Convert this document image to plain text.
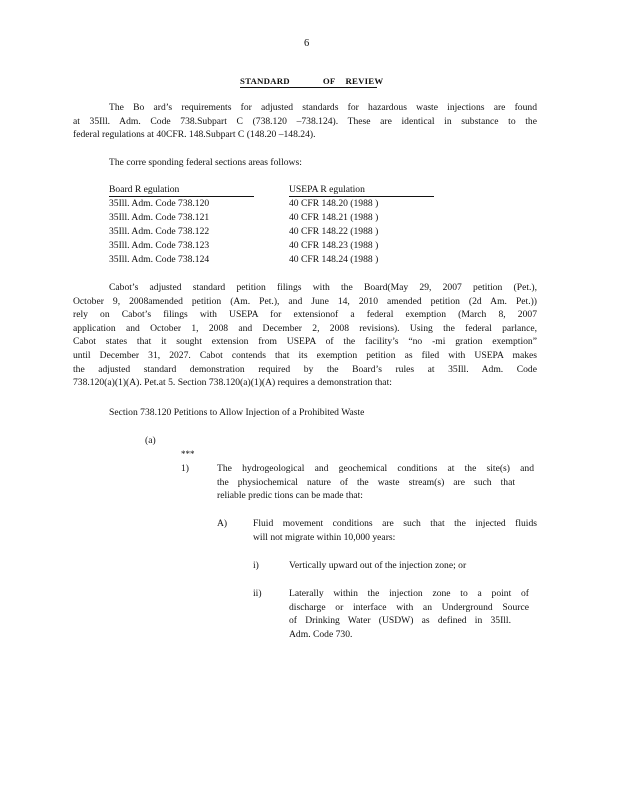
6
STANDARD	OF REVIEW
The Bo ard’s requirements for adjusted standards for hazardous waste injections are found
at 35Ill. Adm. Code 738.Subpart C (738.120 –738.124). These are identical in substance to the
federal regulations at 40CFR. 148.Subpart C (148.20 –148.24).
The corre sponding federal sections areas follows:
Board R egulation	USEPA R egulation
35Ill. Adm. Code 738.120	40 CFR 148.20 (1988 )
35Ill. Adm. Code 738.121	40 CFR 148.21 (1988 )
35Ill. Adm. Code 738.122	40 CFR 148.22 (1988 )
35Ill. Adm. Code 738.123	40 CFR 148.23 (1988 )
35Ill. Adm. Code 738.124	40 CFR 148.24 (1988 )
Cabot’s adjusted standard petition filings with the Board(May 29, 2007 petition (Pet.),
October 9, 2008amended petition (Am. Pet.), and June 14, 2010 amended petition (2d Am. Pet.))
rely on Cabot’s filings with USEPA for extensionof a federal exemption (March 8, 2007
application and October 1, 2008 and December 2, 2008 revisions). Using the federal parlance,
Cabot states that it sought extension from USEPA of the facility’s “no -mi gration exemption”
until December 31, 2027. Cabot contends that its exemption petition as filed with USEPA makes
the adjusted standard demonstration required by the Board’s rules at 35Ill. Adm. Code
738.120(a)(1)(A). Pet.at 5. Section 738.120(a)(1)(A) requires a demonstration that:
Section 738.120 Petitions to Allow Injection of a Prohibited Waste
(a)
***
1)	The hydrogeological and geochemical conditions at the site(s) and
the physiochemical nature of the waste stream(s) are such that
reliable predic tions can be made that:
A)	Fluid movement conditions are such that the injected fluids
will not migrate within 10,000 years:
i)	Vertically upward out of the injection zone; or
ii)	Laterally within the injection zone to a point of
discharge or interface with an Underground Source
of Drinking Water (USDW) as defined in 35Ill.
Adm. Code 730.
